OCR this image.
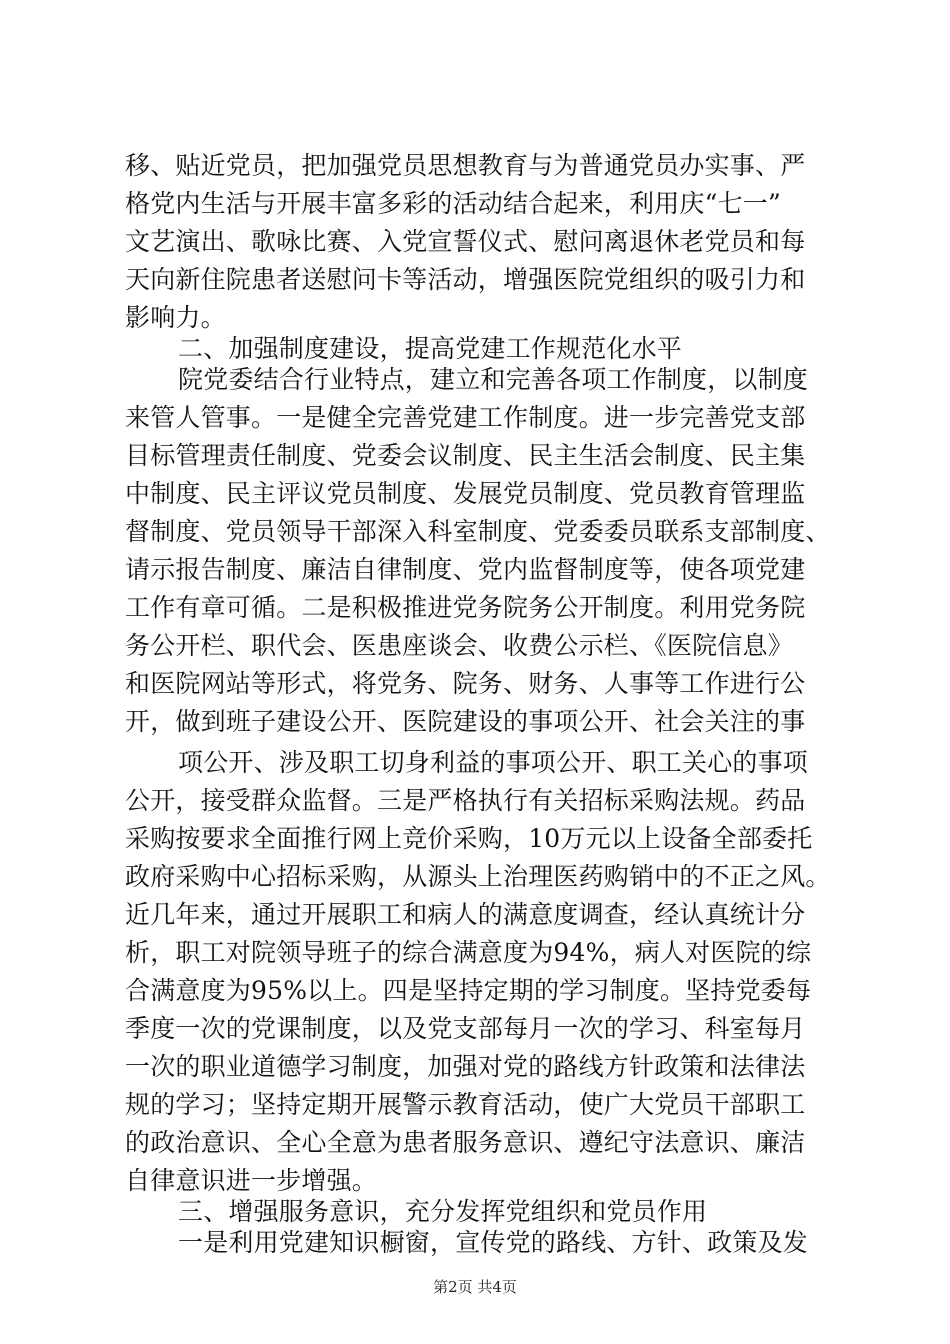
移、贴近党员，把加强党员思想教育与为普通党员办实事、严
格党内生活与开展丰富多彩的活动结合起来，利用庆“七一”
文艺演出、歌咏比赛、入党宣誓仪式、慰问离退休老党员和每
天向新住院患者送慰问卡等活动，增强医院党组织的吸引力和
影响力。
二、加强制度建设，提高党建工作规范化水平
院党委结合行业特点，建立和完善各项工作制度，以制度
来管人管事。一是健全完善党建工作制度。进一步完善党支部
目标管理责任制度、党委会议制度、民主生活会制度、民主集
中制度、民主评议党员制度、发展党员制度、党员教育管理监
督制度、党员领导干部深入科室制度、党委委员联系支部制度、
请示报告制度、廉洁自律制度、党内监督制度等，使各项党建
工作有章可循。二是积极推进党务院务公开制度。利用党务院
务公开栏、职代会、医患座谈会、收费公示栏、《医院信息》
和医院网站等形式，将党务、院务、财务、人事等工作进行公
开，做到班子建设公开、医院建设的事项公开、社会关注的事
项公开、涉及职工切身利益的事项公开、职工关心的事项
公开，接受群众监督。三是严格执行有关招标采购法规。药品
采购按要求全面推行网上竞价采购，10万元以上设备全部委托
政府采购中心招标采购，从源头上治理医药购销中的不正之风。
近几年来，通过开展职工和病人的满意度调查，经认真统计分
析，职工对院领导班子的综合满意度为94%，病人对医院的综
合满意度为95%以上。四是坚持定期的学习制度。坚持党委每
季度一次的党课制度，以及党支部每月一次的学习、科室每月
一次的职业道德学习制度，加强对党的路线方针政策和法律法
规的学习；坚持定期开展警示教育活动，使广大党员干部职工
的政治意识、全心全意为患者服务意识、遵纪守法意识、廉洁
自律意识进一步增强。
三、增强服务意识，充分发挥党组织和党员作用
一是利用党建知识橱窗，宣传党的路线、方针、政策及发
第2页 共4页
